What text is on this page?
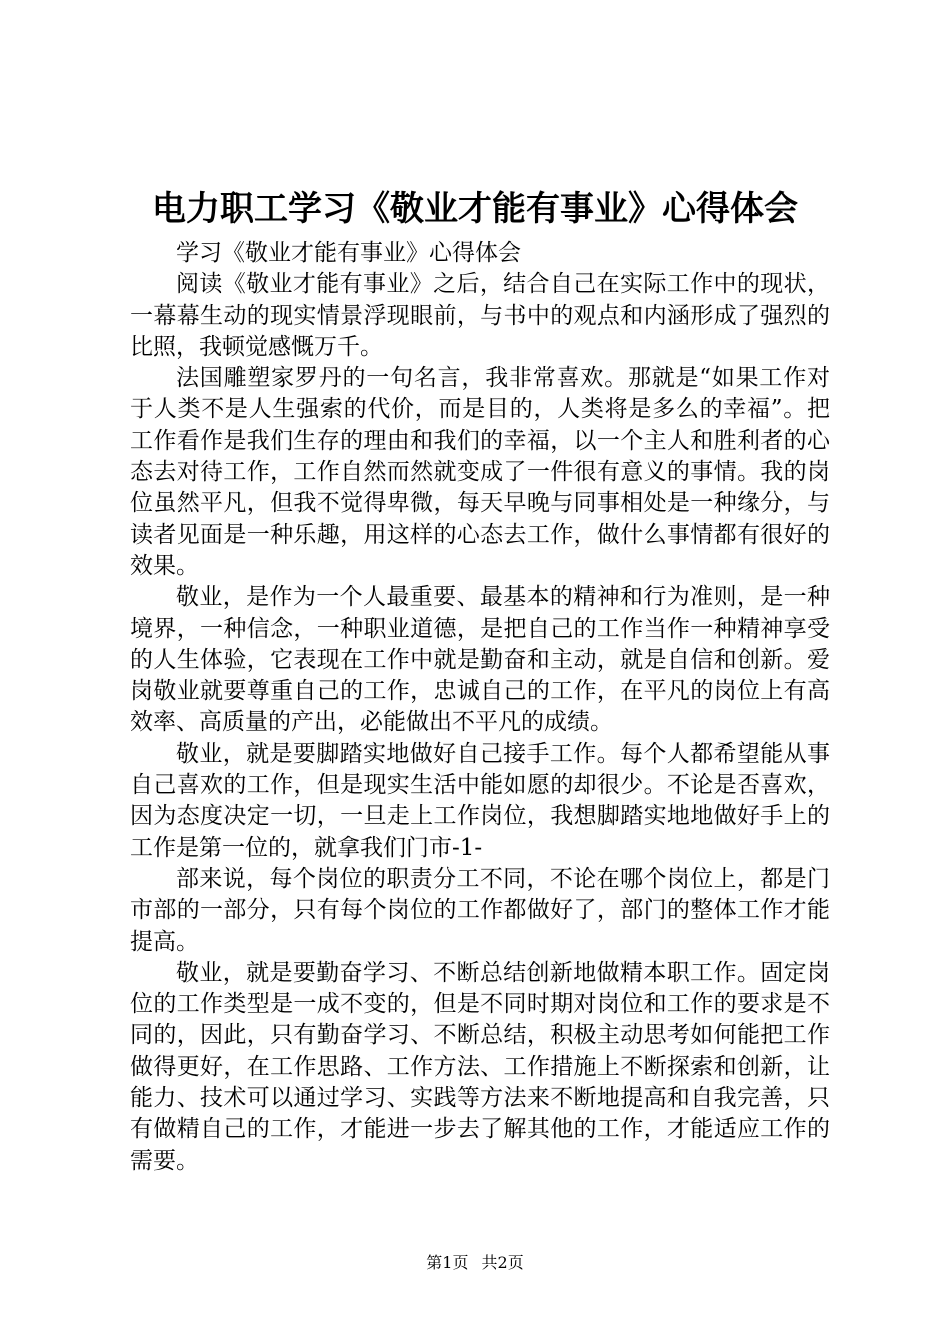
电力职工学习《敬业才能有事业》心得体会

学习《敬业才能有事业》心得体会

阅读《敬业才能有事业》之后，结合自己在实际工作中的现状，一幕幕生动的现实情景浮现眼前，与书中的观点和内涵形成了强烈的比照，我顿觉感慨万千。

法国雕塑家罗丹的一句名言，我非常喜欢。那就是“如果工作对于人类不是人生强索的代价，而是目的，人类将是多么的幸福”。把工作看作是我们生存的理由和我们的幸福，以一个主人和胜利者的心态去对待工作，工作自然而然就变成了一件很有意义的事情。我的岗位虽然平凡，但我不觉得卑微，每天早晚与同事相处是一种缘分，与读者见面是一种乐趣，用这样的心态去工作，做什么事情都有很好的效果。

敬业，是作为一个人最重要、最基本的精神和行为准则，是一种境界，一种信念，一种职业道德，是把自己的工作当作一种精神享受的人生体验，它表现在工作中就是勤奋和主动，就是自信和创新。爱岗敬业就要尊重自己的工作，忠诚自己的工作，在平凡的岗位上有高效率、高质量的产出，必能做出不平凡的成绩。

敬业，就是要脚踏实地做好自己接手工作。每个人都希望能从事自己喜欢的工作，但是现实生活中能如愿的却很少。不论是否喜欢，因为态度决定一切，一旦走上工作岗位，我想脚踏实地地做好手上的工作是第一位的，就拿我们门市-1-

部来说，每个岗位的职责分工不同，不论在哪个岗位上，都是门市部的一部分，只有每个岗位的工作都做好了，部门的整体工作才能提高。

敬业，就是要勤奋学习、不断总结创新地做精本职工作。固定岗位的工作类型是一成不变的，但是不同时期对岗位和工作的要求是不同的，因此，只有勤奋学习、不断总结，积极主动思考如何能把工作做得更好，在工作思路、工作方法、工作措施上不断探索和创新，让能力、技术可以通过学习、实践等方法来不断地提高和自我完善，只有做精自己的工作，才能进一步去了解其他的工作，才能适应工作的需要。

第1页 共2页
